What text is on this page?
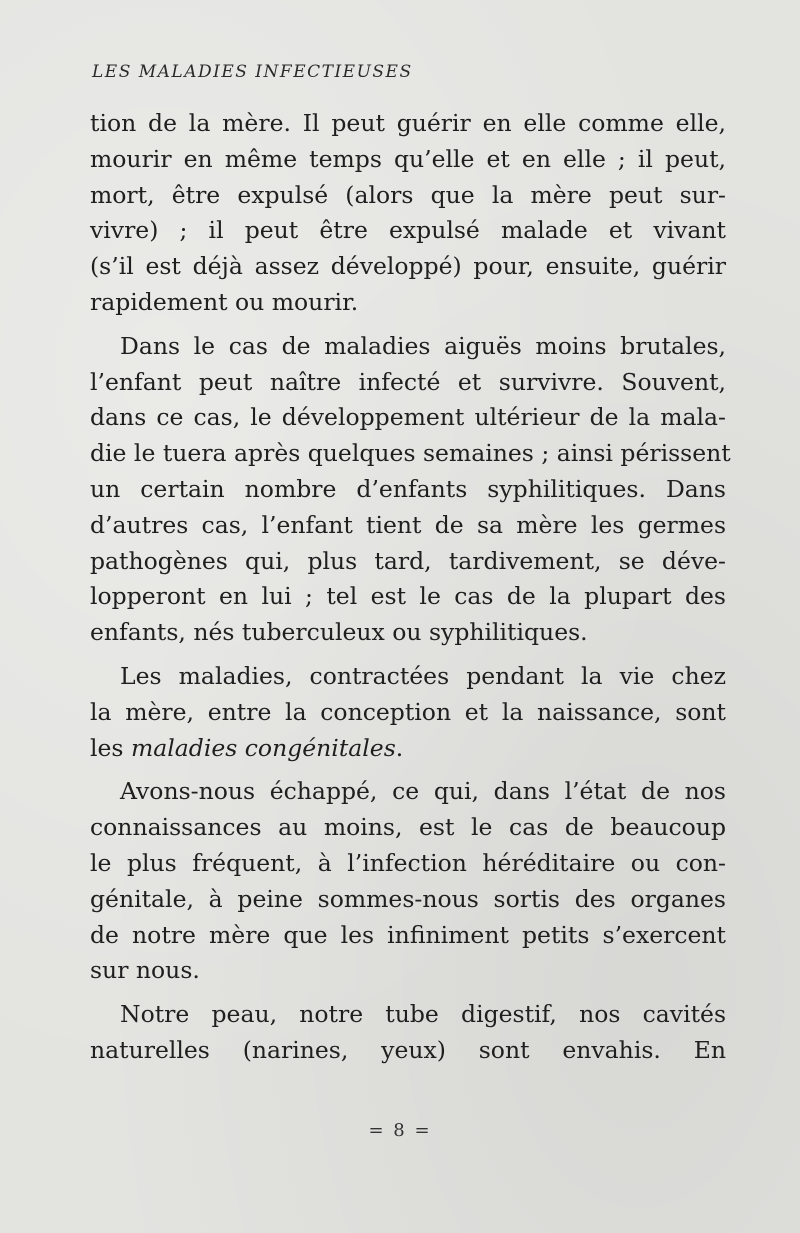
LES MALADIES INFECTIEUSES
tion de la mère. Il peut guérir en elle comme elle,
mourir en même temps qu’elle et en elle ; il peut,
mort, être expulsé (alors que la mère peut sur-
vivre) ; il peut être expulsé malade et vivant
(s’il est déjà assez développé) pour, ensuite, guérir
rapidement ou mourir.
Dans le cas de maladies aiguës moins brutales,
l’enfant peut naître infecté et survivre. Souvent,
dans ce cas, le développement ultérieur de la mala-
die le tuera après quelques semaines ; ainsi périssent
un certain nombre d’enfants syphilitiques. Dans
d’autres cas, l’enfant tient de sa mère les germes
pathogènes qui, plus tard, tardivement, se déve-
lopperont en lui ; tel est le cas de la plupart des
enfants, nés tuberculeux ou syphilitiques.
Les maladies, contractées pendant la vie chez
la mère, entre la conception et la naissance, sont
les maladies congénitales.
Avons-nous échappé, ce qui, dans l’état de nos
connaissances au moins, est le cas de beaucoup
le plus fréquent, à l’infection héréditaire ou con-
génitale, à peine sommes-nous sortis des organes
de notre mère que les infiniment petits s’exercent
sur nous.
Notre peau, notre tube digestif, nos cavités
naturelles (narines, yeux) sont envahis. En
= 8 =
